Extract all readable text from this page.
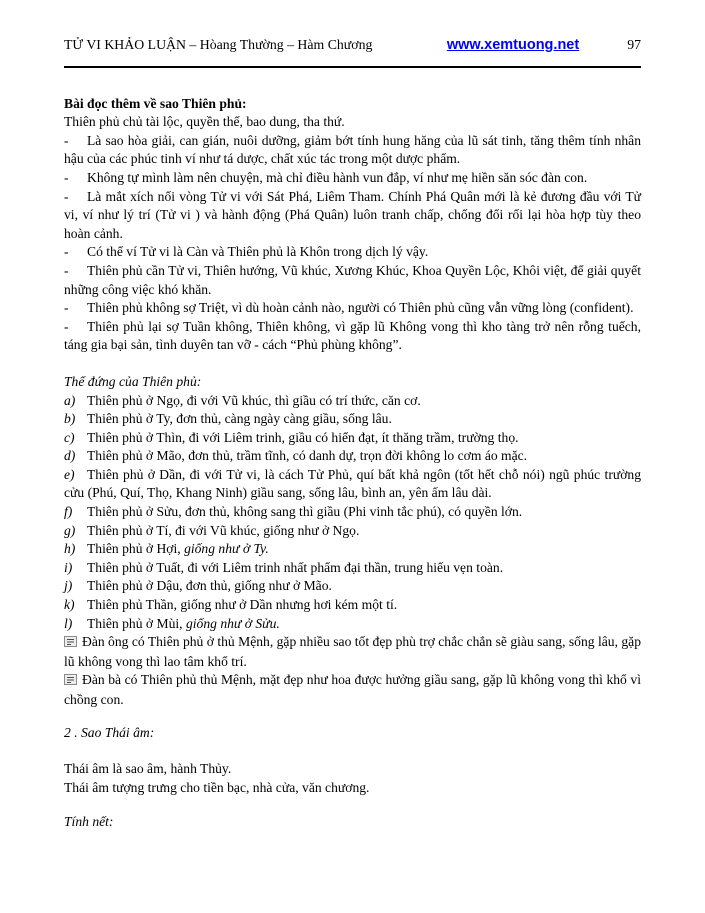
TỬ VI KHẢO LUẬN – Hòang Thường – Hàm Chương	www.xemtuong.net	97

Bài đọc thêm về sao Thiên phủ:

Thiên phủ chủ tài lộc, quyền thế, bao dung, tha thứ.

- Là sao hòa giải, can gián, nuôi dưỡng, giảm bớt tính hung hăng của lũ sát tinh, tăng thêm tính nhân hậu của các phúc tinh ví như tá dược, chất xúc tác trong một dược phẩm.

- Không tự mình làm nên chuyện, mà chỉ điều hành vun đắp, ví như mẹ hiền săn sóc đàn con.

- Là mắt xích nối vòng Tử vi với Sát Phá, Liêm Tham. Chính Phá Quân mới là kẻ đương đầu với Tử vi, ví như lý trí (Tử vi ) và hành động (Phá Quân) luôn tranh chấp, chống đối rối lại hòa hợp tùy theo hoàn cảnh.

- Có thể ví Tử vi là Càn và Thiên phủ là Khôn trong dịch lý vậy.

- Thiên phủ cần Tử vi, Thiên hướng, Vũ khúc, Xương Khúc, Khoa Quyền Lộc, Khôi việt, để giải quyết những công việc khó khăn.

- Thiên phủ không sợ Triệt, vì dù hoàn cảnh nào, người có Thiên phủ cũng vẫn vững lòng (confident).

- Thiên phủ lại sợ Tuần không, Thiên không, vì gặp lũ Không vong thì kho tàng trở nên rỗng tuếch, táng gia bại sản, tình duyên tan vỡ - cách “Phủ phùng không”.

Thế đứng của Thiên phủ:

a) Thiên phủ ở Ngọ, đi với Vũ khúc, thì giầu có trí thức, căn cơ.

b) Thiên phủ ở Ty, đơn thủ, càng ngày càng giầu, sống lâu.

c) Thiên phủ ở Thìn, đi với Liêm trinh, giầu có hiển đạt, ít thăng trầm, trường thọ.

d) Thiên phủ ở Mão, đơn thủ, trầm tĩnh, có danh dự, trọn đời không lo cơm áo mặc.

e) Thiên phủ ở Dần, đi với Tử vi, là cách Tử Phủ, quí bất khả ngôn (tốt hết chỗ nói) ngũ phúc trường cửu (Phú, Quí, Thọ, Khang Ninh) giầu sang, sống lâu, bình an, yên ấm lâu dài.

f) Thiên phủ ở Sửu, đơn thủ, không sang thì giầu (Phi vinh tắc phú), có quyền lớn.

g) Thiên phủ ở Tí, đi với Vũ khúc, giống như ở Ngọ.

h) Thiên phủ ở Hợi, giống như ở Ty.

i) Thiên phủ ở Tuất, đi với Liêm trinh nhất phẩm đại thần, trung hiếu vẹn toàn.

j) Thiên phủ ở Dậu, đơn thủ, giống như ở Mão.

k) Thiên phủ Thần, giống như ở Dần nhưng hơi kém một tí.

l) Thiên phủ ở Mùi, giống như ở Sửu.

Đàn ông có Thiên phủ ở thủ Mệnh, gặp nhiều sao tốt đẹp phù trợ chắc chắn sẽ giàu sang, sống lâu, gặp lũ không vong thì lao tâm khổ trí.

Đàn bà có Thiên phủ thủ Mệnh, mặt đẹp như hoa được hưởng giầu sang, gặp lũ không vong thì khổ vì chồng con.

2 . Sao Thái âm:

Thái âm là sao âm, hành Thủy.

Thái âm tượng trưng cho tiền bạc, nhà cửa, văn chương.

Tính nết:
